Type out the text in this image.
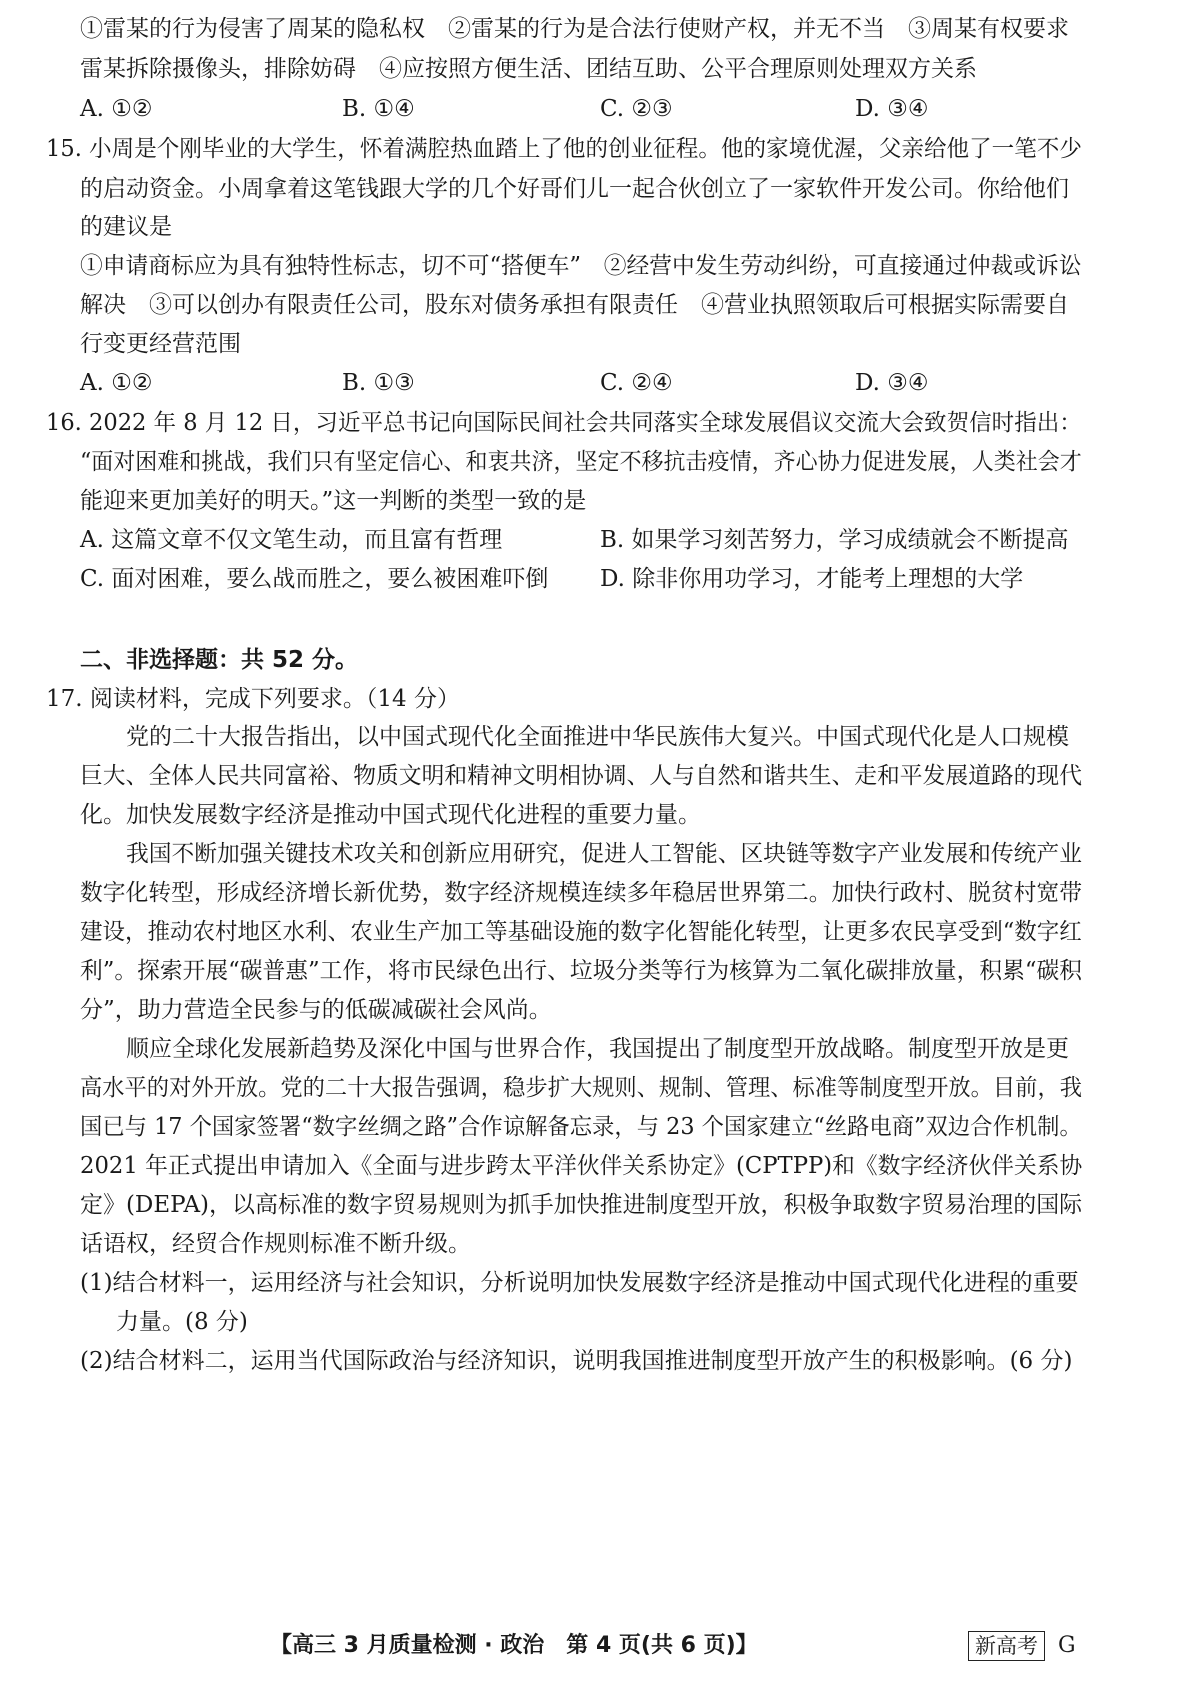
①雷某的行为侵害了周某的隐私权　②雷某的行为是合法行使财产权，并无不当　③周某有权要求
雷某拆除摄像头，排除妨碍　④应按照方便生活、团结互助、公平合理原则处理双方关系
A. ①②	B. ①④	C. ②③	D. ③④
15. 小周是个刚毕业的大学生，怀着满腔热血踏上了他的创业征程。他的家境优渥，父亲给他了一笔不少
的启动资金。小周拿着这笔钱跟大学的几个好哥们儿一起合伙创立了一家软件开发公司。你给他们
的建议是
①申请商标应为具有独特性标志，切不可“搭便车”　②经营中发生劳动纠纷，可直接通过仲裁或诉讼
解决　③可以创办有限责任公司，股东对债务承担有限责任　④营业执照领取后可根据实际需要自
行变更经营范围
A. ①②	B. ①③	C. ②④	D. ③④
16. 2022 年 8 月 12 日，习近平总书记向国际民间社会共同落实全球发展倡议交流大会致贺信时指出：
“面对困难和挑战，我们只有坚定信心、和衷共济，坚定不移抗击疫情，齐心协力促进发展，人类社会才
能迎来更加美好的明天。”这一判断的类型一致的是
A. 这篇文章不仅文笔生动，而且富有哲理	B. 如果学习刻苦努力，学习成绩就会不断提高
C. 面对困难，要么战而胜之，要么被困难吓倒 D. 除非你用功学习，才能考上理想的大学
二、非选择题：共 52 分。
17. 阅读材料，完成下列要求。（14 分）
党的二十大报告指出，以中国式现代化全面推进中华民族伟大复兴。中国式现代化是人口规模
巨大、全体人民共同富裕、物质文明和精神文明相协调、人与自然和谐共生、走和平发展道路的现代
化。加快发展数字经济是推动中国式现代化进程的重要力量。
我国不断加强关键技术攻关和创新应用研究，促进人工智能、区块链等数字产业发展和传统产业
数字化转型，形成经济增长新优势，数字经济规模连续多年稳居世界第二。加快行政村、脱贫村宽带
建设，推动农村地区水利、农业生产加工等基础设施的数字化智能化转型，让更多农民享受到“数字红
利”。探索开展“碳普惠”工作，将市民绿色出行、垃圾分类等行为核算为二氧化碳排放量，积累“碳积
分”，助力营造全民参与的低碳减碳社会风尚。
顺应全球化发展新趋势及深化中国与世界合作，我国提出了制度型开放战略。制度型开放是更
高水平的对外开放。党的二十大报告强调，稳步扩大规则、规制、管理、标准等制度型开放。目前，我
国已与 17 个国家签署“数字丝绸之路”合作谅解备忘录，与 23 个国家建立“丝路电商”双边合作机制。
2021 年正式提出申请加入《全面与进步跨太平洋伙伴关系协定》(CPTPP)和《数字经济伙伴关系协
定》(DEPA)，以高标准的数字贸易规则为抓手加快推进制度型开放，积极争取数字贸易治理的国际
话语权，经贸合作规则标准不断升级。
(1)结合材料一，运用经济与社会知识，分析说明加快发展数字经济是推动中国式现代化进程的重要
力量。(8 分)
(2)结合材料二，运用当代国际政治与经济知识，说明我国推进制度型开放产生的积极影响。(6 分)
【高三 3 月质量检测 · 政治　第 4 页(共 6 页)】	新高考 G
